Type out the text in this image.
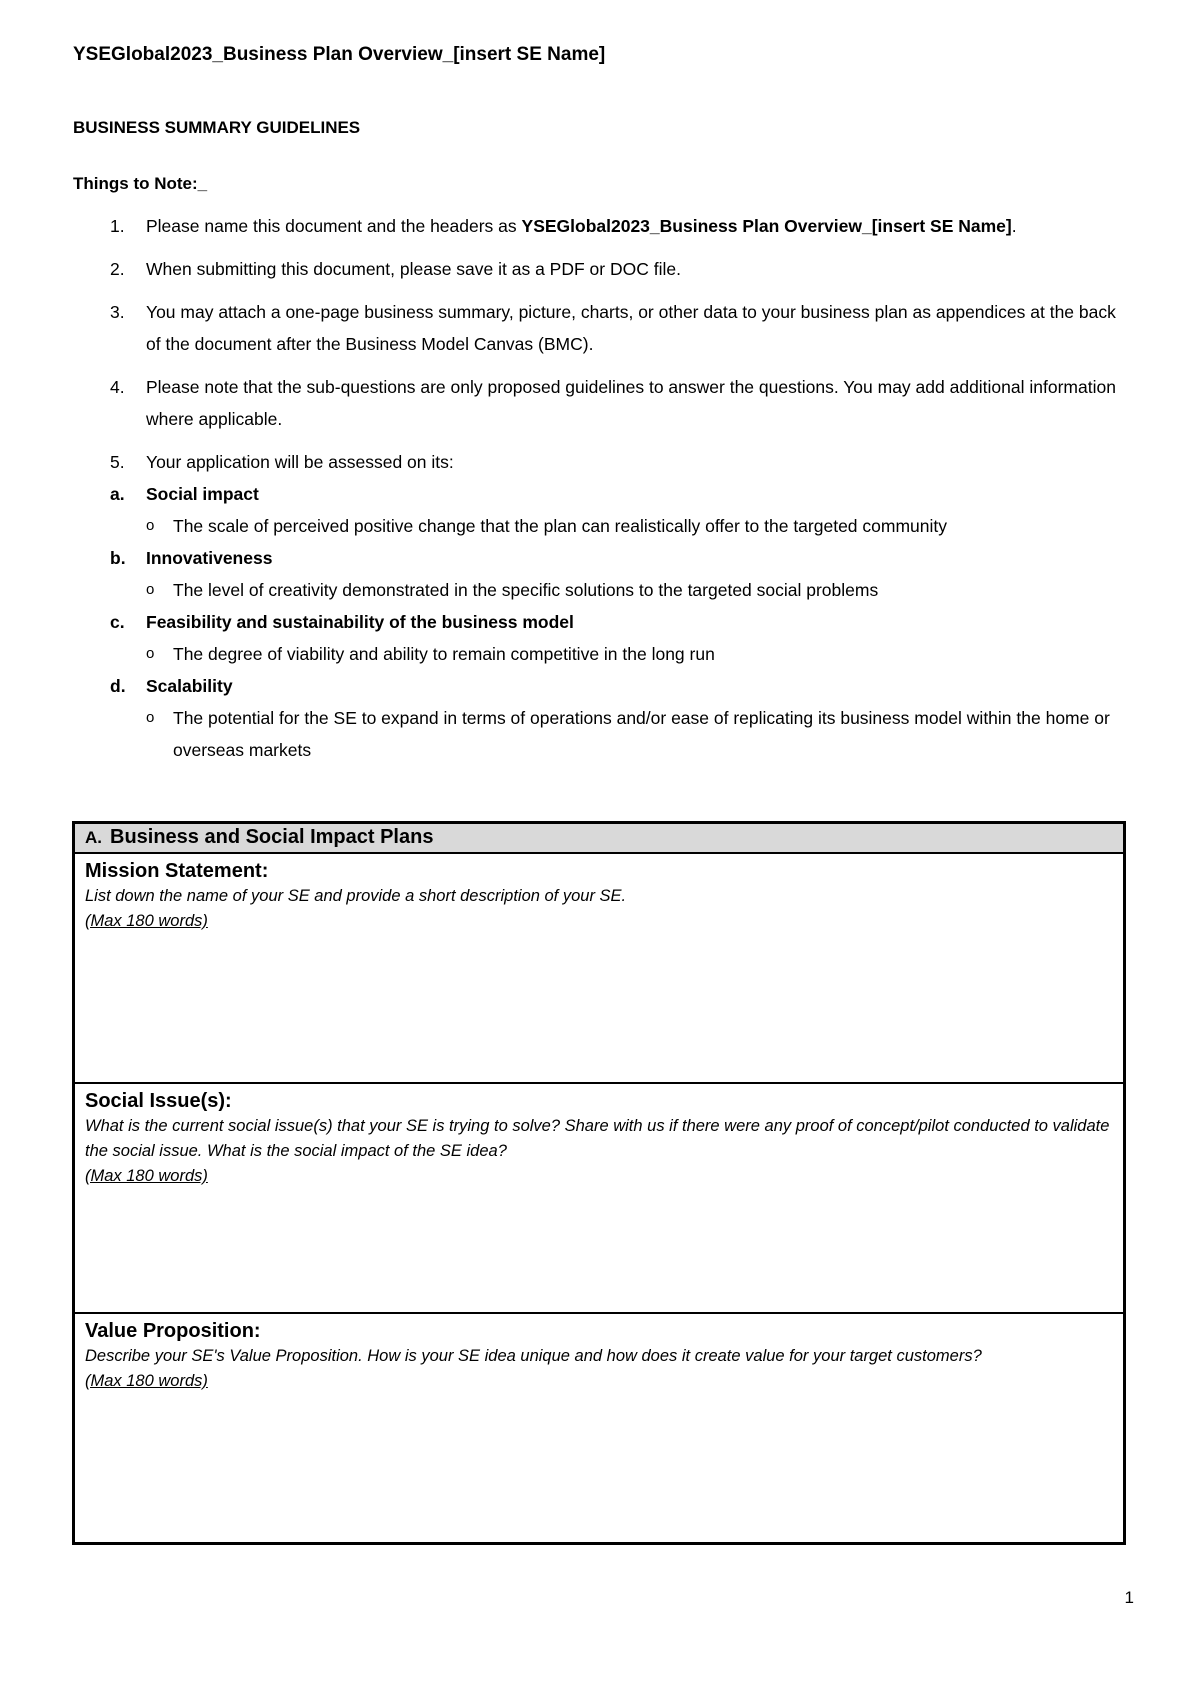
YSEGlobal2023_Business Plan Overview_[insert SE Name]
BUSINESS SUMMARY GUIDELINES
Things to Note:_
1. Please name this document and the headers as YSEGlobal2023_Business Plan Overview_[insert SE Name].
2. When submitting this document, please save it as a PDF or DOC file.
3. You may attach a one-page business summary, picture, charts, or other data to your business plan as appendices at the back of the document after the Business Model Canvas (BMC).
4. Please note that the sub-questions are only proposed guidelines to answer the questions. You may add additional information where applicable.
5. Your application will be assessed on its:
a. Social impact
o The scale of perceived positive change that the plan can realistically offer to the targeted community
b. Innovativeness
o The level of creativity demonstrated in the specific solutions to the targeted social problems
c. Feasibility and sustainability of the business model
o The degree of viability and ability to remain competitive in the long run
d. Scalability
o The potential for the SE to expand in terms of operations and/or ease of replicating its business model within the home or overseas markets
A. Business and Social Impact Plans
Mission Statement:
List down the name of your SE and provide a short description of your SE.
(Max 180 words)
Social Issue(s):
What is the current social issue(s) that your SE is trying to solve? Share with us if there were any proof of concept/pilot conducted to validate the social issue. What is the social impact of the SE idea?
(Max 180 words)
Value Proposition:
Describe your SE's Value Proposition. How is your SE idea unique and how does it create value for your target customers?
(Max 180 words)
1
